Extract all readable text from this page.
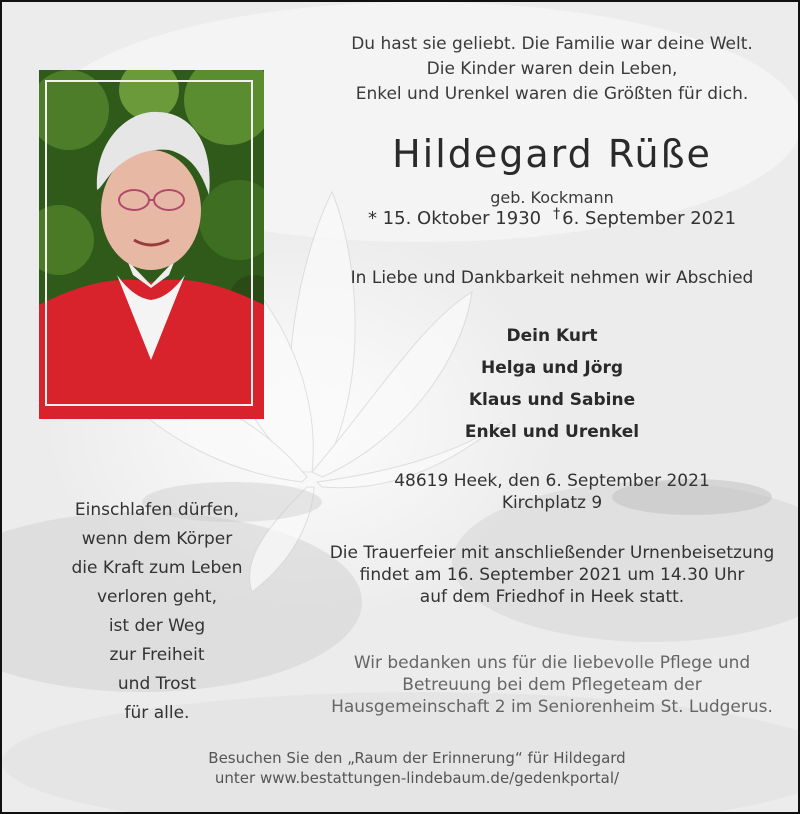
Du hast sie geliebt. Die Familie war deine Welt.
Die Kinder waren dein Leben,
Enkel und Urenkel waren die Größten für dich.
Hildegard Rüße
geb. Kockmann
* 15. Oktober 1930 † 6. September 2021
In Liebe und Dankbarkeit nehmen wir Abschied
Dein Kurt
Helga und Jörg
Klaus und Sabine
Enkel und Urenkel
48619 Heek, den 6. September 2021
Kirchplatz 9
Die Trauerfeier mit anschließender Urnenbeisetzung
findet am 16. September 2021 um 14.30 Uhr
auf dem Friedhof in Heek statt.
Wir bedanken uns für die liebevolle Pflege und
Betreuung bei dem Pflegeteam der
Hausgemeinschaft 2 im Seniorenheim St. Ludgerus.
Einschlafen dürfen,
wenn dem Körper
die Kraft zum Leben
verloren geht,
ist der Weg
zur Freiheit
und Trost
für alle.
Besuchen Sie den „Raum der Erinnerung“ für Hildegard
unter www.bestattungen-lindebaum.de/gedenkportal/
